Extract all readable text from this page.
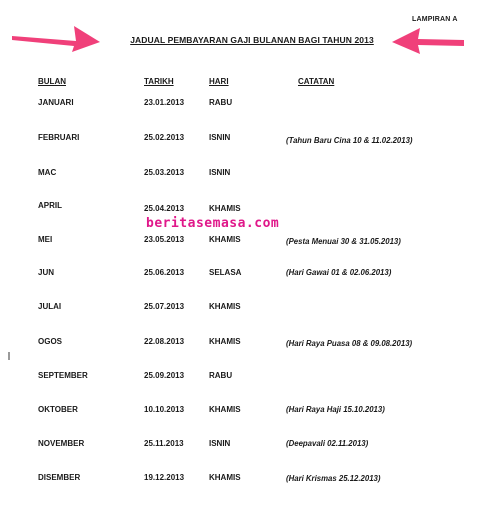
LAMPIRAN A
JADUAL PEMBAYARAN GAJI BULANAN BAGI TAHUN 2013
BULAN	TARIKH	HARI	CATATAN
JANUARI	23.01.2013	RABU
FEBRUARI	25.02.2013	ISNIN	(Tahun Baru Cina 10 & 11.02.2013)
MAC	25.03.2013	ISNIN
APRIL	25.04.2013	KHAMIS
MEI	23.05.2013	KHAMIS	(Pesta Menuai 30 & 31.05.2013)
JUN	25.06.2013	SELASA	(Hari Gawai 01 & 02.06.2013)
JULAI	25.07.2013	KHAMIS
OGOS	22.08.2013	KHAMIS	(Hari Raya Puasa 08 & 09.08.2013)
SEPTEMBER	25.09.2013	RABU
OKTOBER	10.10.2013	KHAMIS	(Hari Raya Haji 15.10.2013)
NOVEMBER	25.11.2013	ISNIN	(Deepavali 02.11.2013)
DISEMBER	19.12.2013	KHAMIS	(Hari Krismas 25.12.2013)
beritasemasa.com
